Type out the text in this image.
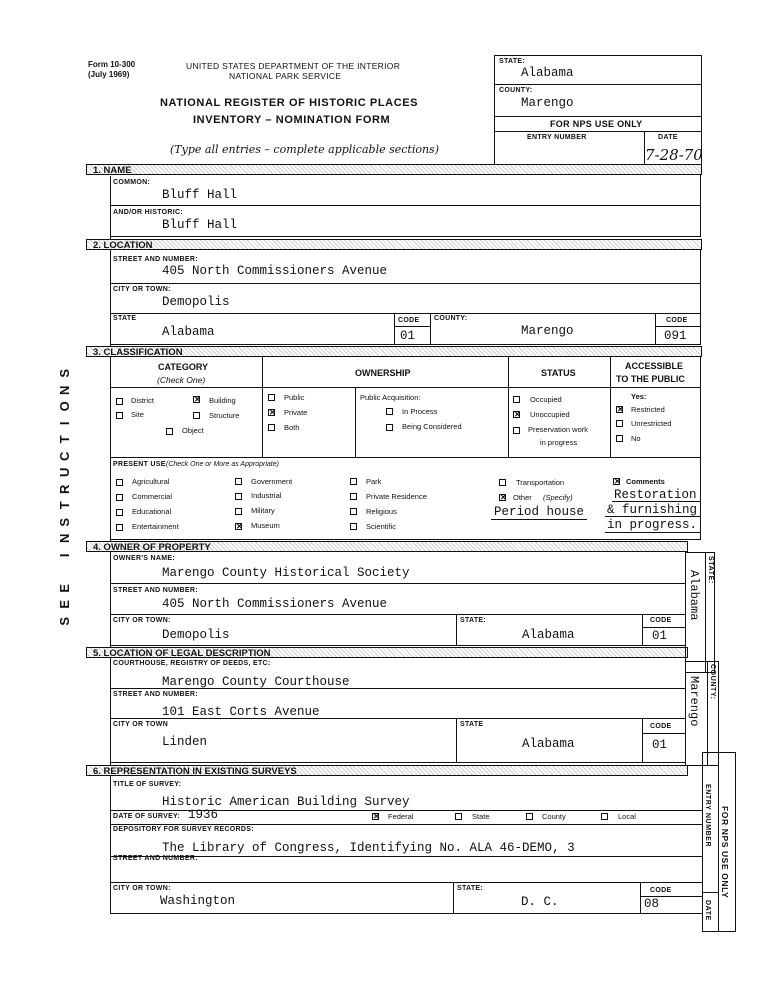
Form 10-300
(July 1969)
UNITED STATES DEPARTMENT OF THE INTERIOR
NATIONAL PARK SERVICE
NATIONAL REGISTER OF HISTORIC PLACES
INVENTORY – NOMINATION FORM
(Type all entries – complete applicable sections)
STATE:
Alabama
COUNTY:
Marengo
FOR NPS USE ONLY
ENTRY NUMBER	DATE
7-28-70
S
N
O
I
T
C
U
R
T
S
N
I

E
E
S
1. NAME
COMMON:
Bluff Hall
AND/OR HISTORIC:
Bluff Hall
2. LOCATION
STREET AND NUMBER:
405 North Commissioners Avenue
CITY OR TOWN:
Demopolis
STATE
Alabama
CODE
01
COUNTY:
Marengo
CODE
091
3. CLASSIFICATION
CATEGORY
(Check One)
OWNERSHIP	STATUS
ACCESSIBLE
TO THE PUBLIC
District	✕ Building
Site	Structure
Object
Public
✕ Private
Both
Public Acquisition:
In Process
Being Considered
Occupied
✕ Unoccupied
Preservation work
in progress
Yes:
✕ Restricted
Unrestricted
No
PRESENT USE (Check One or More as Appropriate)
Agricultural
Commercial
Educational
Entertainment
Government
Industrial
Military
✕ Museum
Park
Private Residence
Religious
Scientific
Transportation
✕ Other (Specify)
Period house
✕ Comments
Restoration
& furnishing
in progress.
4. OWNER OF PROPERTY
OWNER'S NAME:
Marengo County Historical Society
STREET AND NUMBER:
405 North Commissioners Avenue
CITY OR TOWN:
Demopolis
STATE:
Alabama
CODE
01
5. LOCATION OF LEGAL DESCRIPTION
COURTHOUSE, REGISTRY OF DEEDS, ETC:
Marengo County Courthouse
STREET AND NUMBER:
101 East Corts Avenue
CITY OR TOWN
Linden
STATE
Alabama
CODE
01
6. REPRESENTATION IN EXISTING SURVEYS
TITLE OF SURVEY:
Historic American Building Survey
DATE OF SURVEY: 1936	✕ Federal	State	County	Local
DEPOSITORY FOR SURVEY RECORDS:
The Library of Congress, Identifying No. ALA 46-DEMO, 3
STREET AND NUMBER:
CITY OR TOWN:
Washington
STATE:
D. C.
CODE
08
STATE:
Alabama
COUNTY:
Marengo
ENTRY NUMBER
DATE
FOR NPS USE ONLY
